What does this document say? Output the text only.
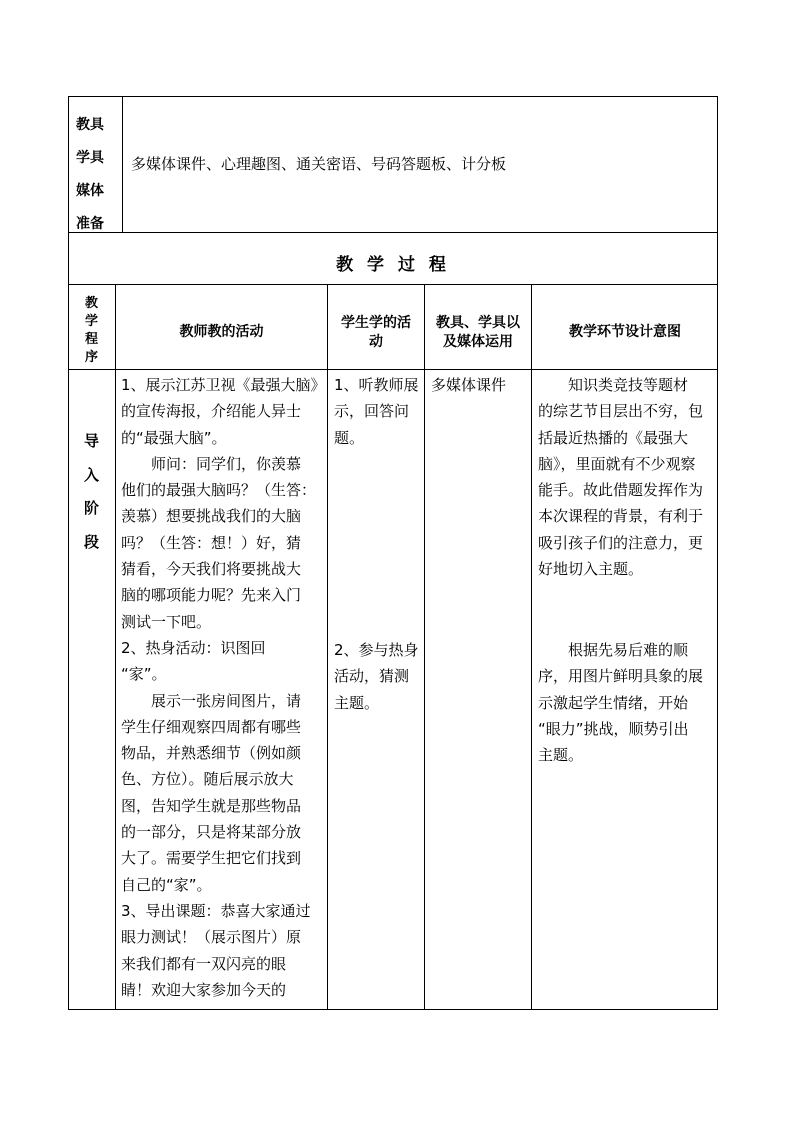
教具
学具
媒体
准备
多媒体课件、心理趣图、通关密语、号码答题板、计分板
教 学 过 程
教
学
程
序
教师教的活动
学生学的活
动
教具、学具以
及媒体运用
教学环节设计意图
导
入
阶
段
1、展示江苏卫视《最强大脑》
的宣传海报，介绍能人异士
的“最强大脑”。
　　师问：同学们，你羡慕
他们的最强大脑吗？（生答：
羡慕）想要挑战我们的大脑
吗？（生答：想！）好，猜
猜看，今天我们将要挑战大
脑的哪项能力呢？先来入门
测试一下吧。
2、热身活动：识图回
“家”。
　　展示一张房间图片，请
学生仔细观察四周都有哪些
物品，并熟悉细节（例如颜
色、方位）。随后展示放大
图，告知学生就是那些物品
的一部分，只是将某部分放
大了。需要学生把它们找到
自己的“家”。
3、导出课题：恭喜大家通过
眼力测试！（展示图片）原
来我们都有一双闪亮的眼
睛！欢迎大家参加今天的
1、听教师展
示，回答问
题。
2、参与热身
活动，猜测
主题。
多媒体课件	　　知识类竞技等题材
的综艺节目层出不穷，包
括最近热播的《最强大
脑》，里面就有不少观察
能手。故此借题发挥作为
本次课程的背景，有利于
吸引孩子们的注意力，更
好地切入主题。
　　根据先易后难的顺
序，用图片鲜明具象的展
示激起学生情绪，开始
“眼力”挑战，顺势引出
主题。
